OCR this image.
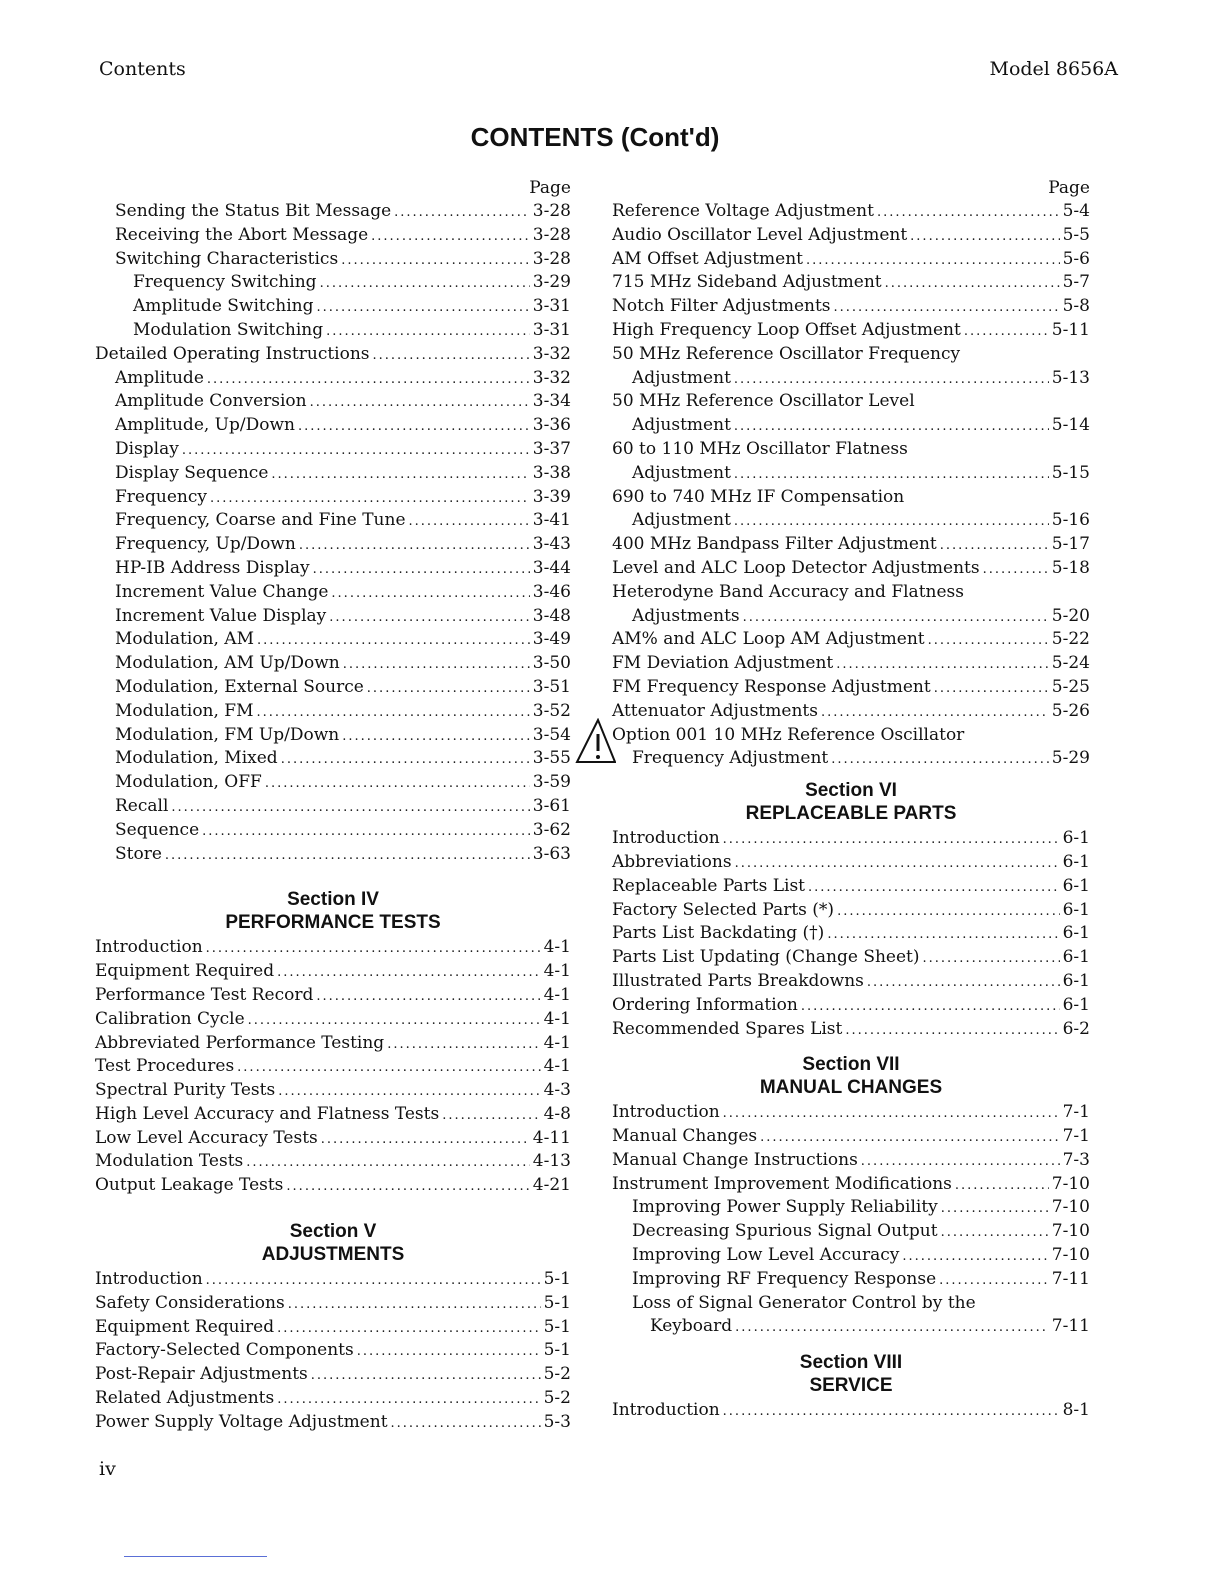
Contents	Model 8656A
CONTENTS (Cont'd)
Page
Sending the Status Bit Message .....	3-28
Receiving the Abort Message .....	3-28
Switching Characteristics .....	3-28
Frequency Switching .....	3-29
Amplitude Switching .....	3-31
Modulation Switching .....	3-31
Detailed Operating Instructions .....	3-32
Amplitude .....	3-32
Amplitude Conversion .....	3-34
Amplitude, Up/Down .....	3-36
Display .....	3-37
Display Sequence .....	3-38
Frequency .....	3-39
Frequency, Coarse and Fine Tune .....	3-41
Frequency, Up/Down .....	3-43
HP-IB Address Display .....	3-44
Increment Value Change .....	3-46
Increment Value Display .....	3-48
Modulation, AM .....	3-49
Modulation, AM Up/Down .....	3-50
Modulation, External Source .....	3-51
Modulation, FM .....	3-52
Modulation, FM Up/Down .....	3-54
Modulation, Mixed .....	3-55
Modulation, OFF .....	3-59
Recall .....	3-61
Sequence .....	3-62
Store .....	3-63
Section IV
PERFORMANCE TESTS
Introduction .....	4-1
Equipment Required .....	4-1
Performance Test Record .....	4-1
Calibration Cycle .....	4-1
Abbreviated Performance Testing .....	4-1
Test Procedures .....	4-1
Spectral Purity Tests .....	4-3
High Level Accuracy and Flatness Tests .....	4-8
Low Level Accuracy Tests .....	4-11
Modulation Tests .....	4-13
Output Leakage Tests .....	4-21
Section V
ADJUSTMENTS
Introduction .....	5-1
Safety Considerations .....	5-1
Equipment Required .....	5-1
Factory-Selected Components .....	5-1
Post-Repair Adjustments .....	5-2
Related Adjustments .....	5-2
Power Supply Voltage Adjustment .....	5-3
Page
Reference Voltage Adjustment .....	5-4
Audio Oscillator Level Adjustment .....	5-5
AM Offset Adjustment .....	5-6
715 MHz Sideband Adjustment .....	5-7
Notch Filter Adjustments .....	5-8
High Frequency Loop Offset Adjustment .....	5-11
50 MHz Reference Oscillator Frequency
Adjustment .....	5-13
50 MHz Reference Oscillator Level
Adjustment .....	5-14
60 to 110 MHz Oscillator Flatness
Adjustment .....	5-15
690 to 740 MHz IF Compensation
Adjustment .....	5-16
400 MHz Bandpass Filter Adjustment .....	5-17
Level and ALC Loop Detector Adjustments .....	5-18
Heterodyne Band Accuracy and Flatness
Adjustments .....	5-20
AM% and ALC Loop AM Adjustment .....	5-22
FM Deviation Adjustment .....	5-24
FM Frequency Response Adjustment .....	5-25
Attenuator Adjustments .....	5-26
Option 001 10 MHz Reference Oscillator
Frequency Adjustment .....	5-29
Section VI
REPLACEABLE PARTS
Introduction .....	6-1
Abbreviations .....	6-1
Replaceable Parts List .....	6-1
Factory Selected Parts (*) .....	6-1
Parts List Backdating (†) .....	6-1
Parts List Updating (Change Sheet) .....	6-1
Illustrated Parts Breakdowns .....	6-1
Ordering Information .....	6-1
Recommended Spares List .....	6-2
Section VII
MANUAL CHANGES
Introduction .....	7-1
Manual Changes .....	7-1
Manual Change Instructions .....	7-3
Instrument Improvement Modifications .....	7-10
Improving Power Supply Reliability .....	7-10
Decreasing Spurious Signal Output .....	7-10
Improving Low Level Accuracy .....	7-10
Improving RF Frequency Response .....	7-11
Loss of Signal Generator Control by the
Keyboard .....	7-11
Section VIII
SERVICE
Introduction .....	8-1
iv
